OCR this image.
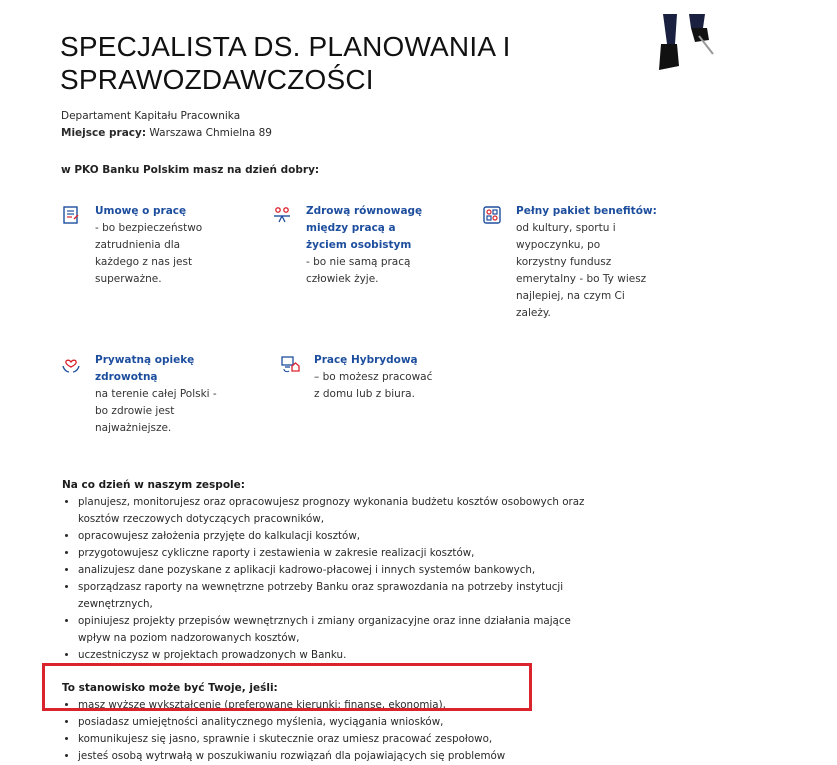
SPECJALISTA DS. PLANOWANIA I SPRAWOZDAWCZOŚCI
Departament Kapitału Pracownika
Miejsce pracy: Warszawa Chmielna 89
w PKO Banku Polskim masz na dzień dobry:
Umowę o pracę
- bo bezpieczeństwo zatrudnienia dla każdego z nas jest superważne.
Zdrową równowagę między pracą a życiem osobistym
- bo nie samą pracą człowiek żyje.
Pełny pakiet benefitów:
od kultury, sportu i wypoczynku, po korzystny fundusz emerytalny - bo Ty wiesz najlepiej, na czym Ci zależy.
Prywatną opiekę zdrowotną
na terenie całej Polski - bo zdrowie jest najważniejsze.
Pracę Hybrydową
– bo możesz pracować z domu lub z biura.
Na co dzień w naszym zespole:
• planujesz, monitorujesz oraz opracowujesz prognozy wykonania budżetu kosztów osobowych oraz kosztów rzeczowych dotyczących pracowników,
• opracowujesz założenia przyjęte do kalkulacji kosztów,
• przygotowujesz cykliczne raporty i zestawienia w zakresie realizacji kosztów,
• analizujesz dane pozyskane z aplikacji kadrowo-płacowej i innych systemów bankowych,
• sporządzasz raporty na wewnętrzne potrzeby Banku oraz sprawozdania na potrzeby instytucji zewnętrznych,
• opiniujesz projekty przepisów wewnętrznych i zmiany organizacyjne oraz inne działania mające wpływ na poziom nadzorowanych kosztów,
• uczestniczysz w projektach prowadzonych w Banku.
To stanowisko może być Twoje, jeśli:
• masz wyższe wykształcenie (preferowane kierunki: finanse, ekonomia),
• posiadasz umiejętności analitycznego myślenia, wyciągania wniosków,
• komunikujesz się jasno, sprawnie i skutecznie oraz umiesz pracować zespołowo,
• jesteś osobą wytrwałą w poszukiwaniu rozwiązań dla pojawiających się problemów
